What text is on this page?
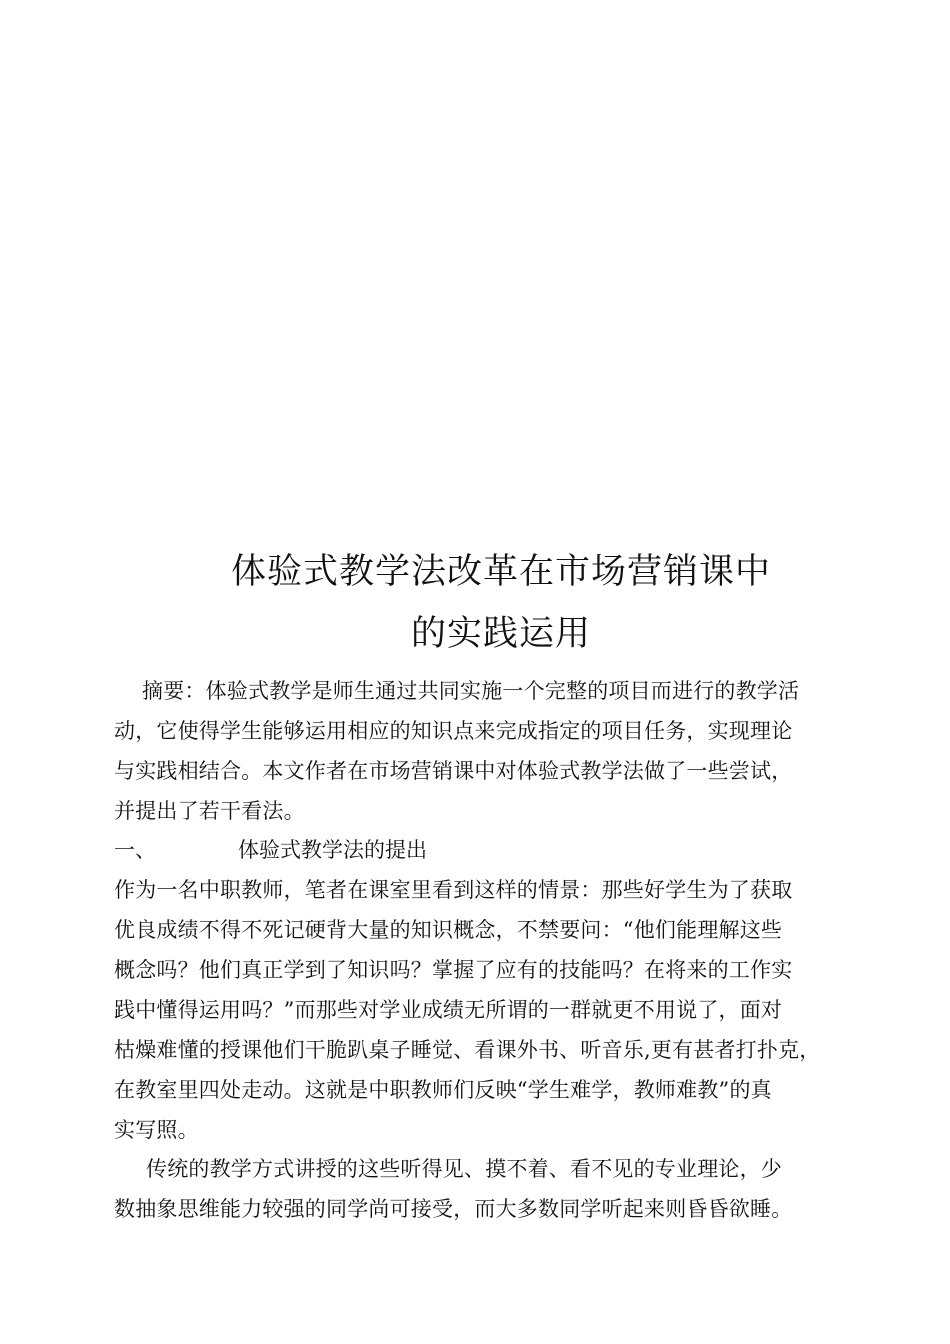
体验式教学法改革在市场营销课中
的实践运用
摘要：体验式教学是师生通过共同实施一个完整的项目而进行的教学活
动，它使得学生能够运用相应的知识点来完成指定的项目任务，实现理论
与实践相结合。本文作者在市场营销课中对体验式教学法做了一些尝试，
并提出了若干看法。
一、	体验式教学法的提出
作为一名中职教师，笔者在课室里看到这样的情景：那些好学生为了获取
优良成绩不得不死记硬背大量的知识概念，不禁要问：“他们能理解这些
概念吗？他们真正学到了知识吗？掌握了应有的技能吗？在将来的工作实
践中懂得运用吗？”而那些对学业成绩无所谓的一群就更不用说了，面对
枯燥难懂的授课他们干脆趴桌子睡觉、看课外书、听音乐,更有甚者打扑克，
在教室里四处走动。这就是中职教师们反映“学生难学，教师难教”的真
实写照。
传统的教学方式讲授的这些听得见、摸不着、看不见的专业理论，少
数抽象思维能力较强的同学尚可接受，而大多数同学听起来则昏昏欲睡。
